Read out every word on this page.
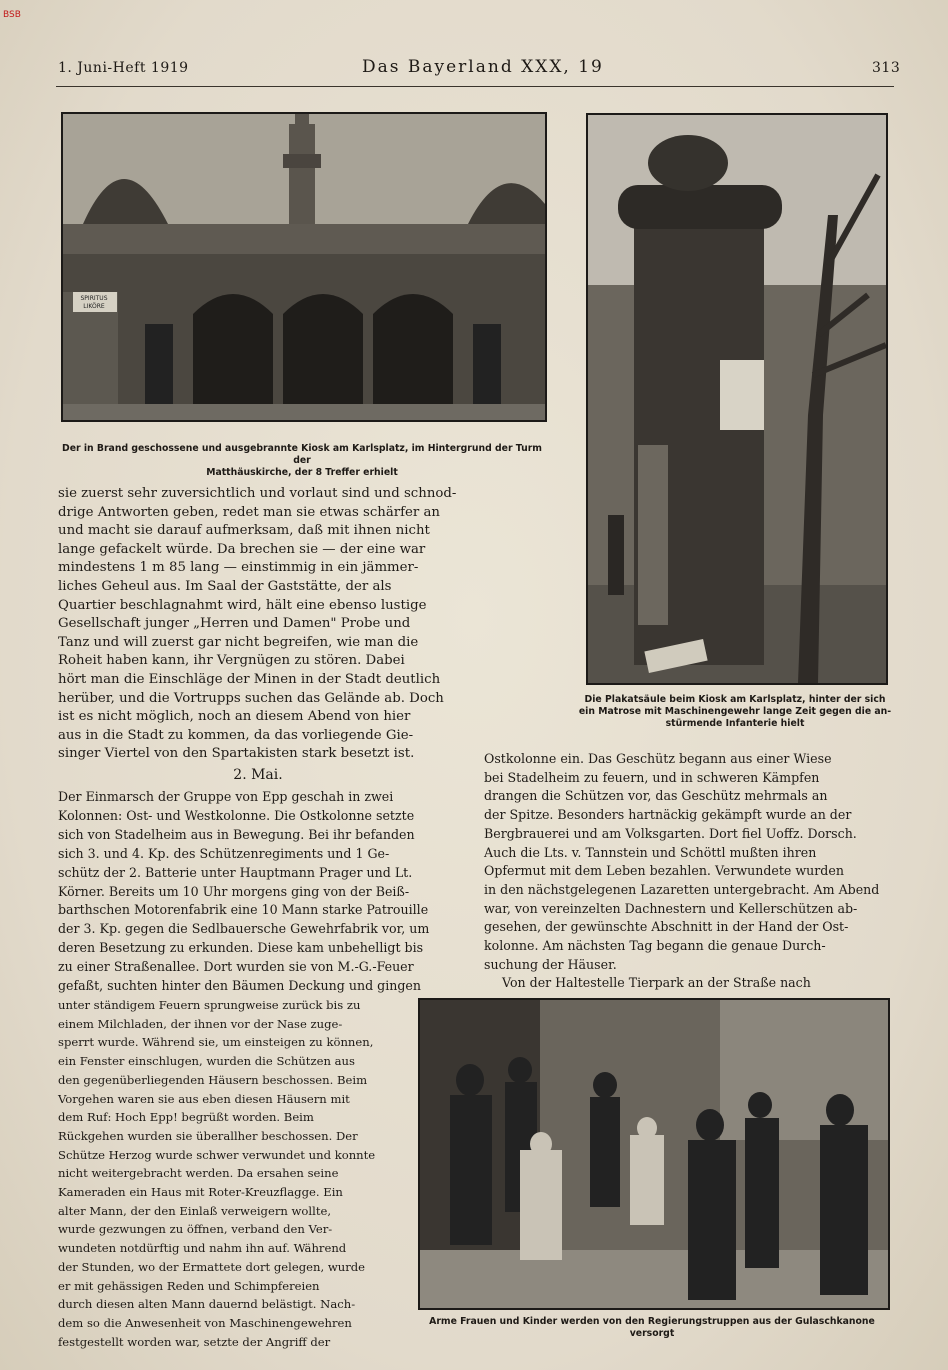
BSB
1. Juni-Heft 1919	Das Bayerland XXX, 19	313
SPIRITUS
LIKÖRE
Der in Brand geschossene und ausgebrannte Kiosk am Karlsplatz, im Hintergrund der Turm der
Matthäuskirche, der 8 Treffer erhielt
Die Plakatsäule beim Kiosk am Karlsplatz, hinter der sich
ein Matrose mit Maschinengewehr lange Zeit gegen die an-
stürmende Infanterie hielt
Arme Frauen und Kinder werden von den Regierungstruppen aus der Gulaschkanone versorgt
sie zuerst sehr zuversichtlich und vorlaut sind und schnod-
drige Antworten geben, redet man sie etwas schärfer an
und macht sie darauf aufmerksam, daß mit ihnen nicht
lange gefackelt würde. Da brechen sie — der eine war
mindestens 1 m 85 lang — einstimmig in ein jämmer-
liches Geheul aus. Im Saal der Gaststätte, der als
Quartier beschlagnahmt wird, hält eine ebenso lustige
Gesellschaft junger „Herren und Damen" Probe und
Tanz und will zuerst gar nicht begreifen, wie man die
Roheit haben kann, ihr Vergnügen zu stören. Dabei
hört man die Einschläge der Minen in der Stadt deutlich
herüber, und die Vortrupps suchen das Gelände ab. Doch
ist es nicht möglich, noch an diesem Abend von hier
aus in die Stadt zu kommen, da das vorliegende Gie-
singer Viertel von den Spartakisten stark besetzt ist.
2. Mai.
Der Einmarsch der Gruppe von Epp geschah in zwei
Kolonnen: Ost- und Westkolonne. Die Ostkolonne setzte
sich von Stadelheim aus in Bewegung. Bei ihr befanden
sich 3. und 4. Kp. des Schützenregiments und 1 Ge-
schütz der 2. Batterie unter Hauptmann Prager und Lt.
Körner. Bereits um 10 Uhr morgens ging von der Beiß-
barthschen Motorenfabrik eine 10 Mann starke Patrouille
der 3. Kp. gegen die Sedlbauersche Gewehrfabrik vor, um
deren Besetzung zu erkunden. Diese kam unbehelligt bis
zu einer Straßenallee. Dort wurden sie von M.-G.-Feuer
gefaßt, suchten hinter den Bäumen Deckung und gingen
unter ständigem Feuern sprungweise zurück bis zu
einem Milchladen, der ihnen vor der Nase zuge-
sperrt wurde. Während sie, um einsteigen zu können,
ein Fenster einschlugen, wurden die Schützen aus
den gegenüberliegenden Häusern beschossen. Beim
Vorgehen waren sie aus eben diesen Häusern mit
dem Ruf: Hoch Epp! begrüßt worden. Beim
Rückgehen wurden sie überallher beschossen. Der
Schütze Herzog wurde schwer verwundet und konnte
nicht weitergebracht werden. Da ersahen seine
Kameraden ein Haus mit Roter-Kreuzflagge. Ein
alter Mann, der den Einlaß verweigern wollte,
wurde gezwungen zu öffnen, verband den Ver-
wundeten notdürftig und nahm ihn auf. Während
der Stunden, wo der Ermattete dort gelegen, wurde
er mit gehässigen Reden und Schimpfereien
durch diesen alten Mann dauernd belästigt. Nach-
dem so die Anwesenheit von Maschinengewehren
festgestellt worden war, setzte der Angriff der
Ostkolonne ein. Das Geschütz begann aus einer Wiese
bei Stadelheim zu feuern, und in schweren Kämpfen
drangen die Schützen vor, das Geschütz mehrmals an
der Spitze. Besonders hartnäckig gekämpft wurde an der
Bergbrauerei und am Volksgarten. Dort fiel Uoffz. Dorsch.
Auch die Lts. v. Tannstein und Schöttl mußten ihren
Opfermut mit dem Leben bezahlen. Verwundete wurden
in den nächstgelegenen Lazaretten untergebracht. Am Abend
war, von vereinzelten Dachnestern und Kellerschützen ab-
gesehen, der gewünschte Abschnitt in der Hand der Ost-
kolonne. Am nächsten Tag begann die genaue Durch-
suchung der Häuser.
Von der Haltestelle Tierpark an der Straße nach
